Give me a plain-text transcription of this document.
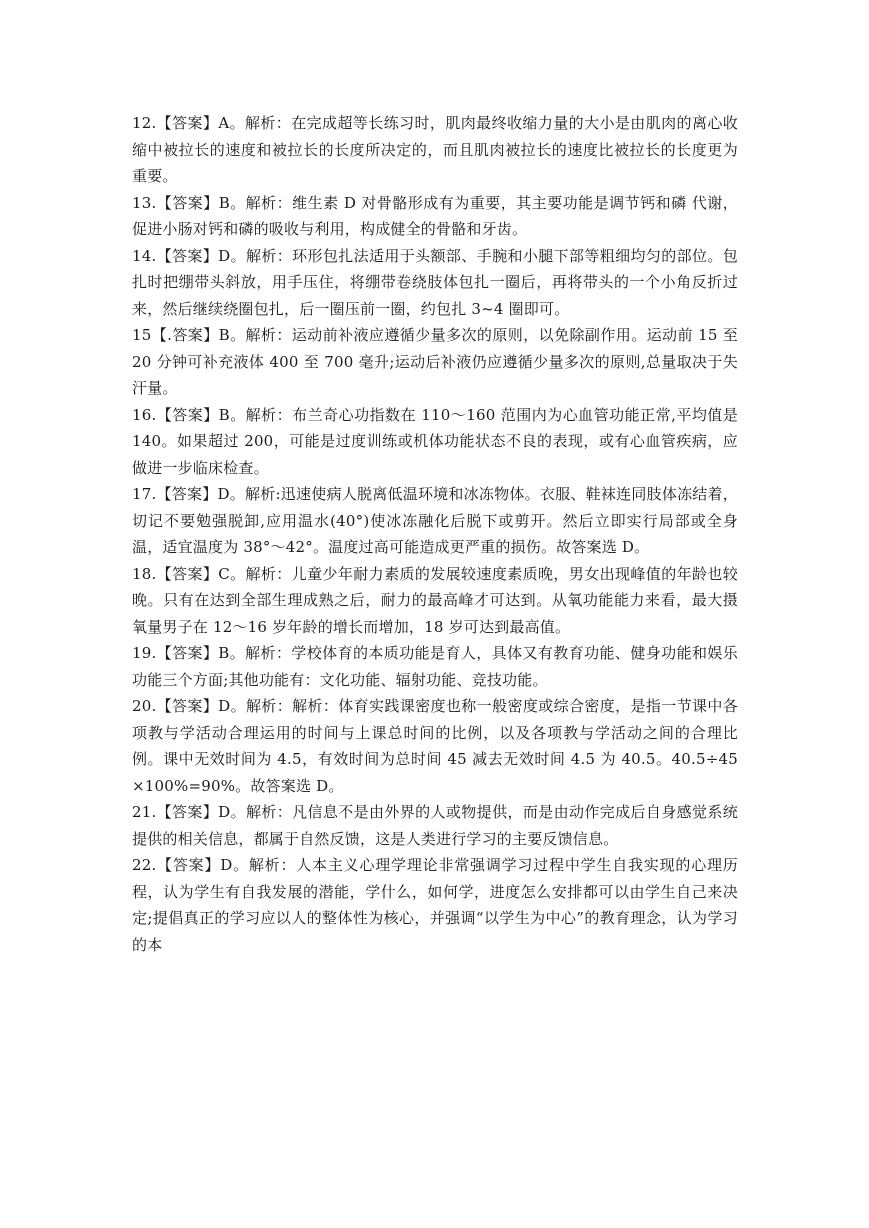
12.【答案】A。解析：在完成超等长练习时，肌肉最终收缩力量的大小是由肌肉的离心收缩中被拉长的速度和被拉长的长度所决定的，而且肌肉被拉长的速度比被拉长的长度更为重要。

13.【答案】B。解析：维生素 D 对骨骼形成有为重要，其主要功能是调节钙和磷 代谢，促进小肠对钙和磷的吸收与利用，构成健全的骨骼和牙齿。

14.【答案】D。解析：环形包扎法适用于头额部、手腕和小腿下部等粗细均匀的部位。包扎时把绷带头斜放，用手压住，将绷带卷绕肢体包扎一圈后，再将带头的一个小角反折过来，然后继续绕圈包扎，后一圈压前一圈，约包扎 3~4 圈即可。

15【.答案】B。解析：运动前补液应遵循少量多次的原则，以免除副作用。运动前 15 至 20 分钟可补充液体 400 至 700 毫升;运动后补液仍应遵循少量多次的原则,总量取决于失汗量。

16.【答案】B。解析：布兰奇心功指数在 110～160 范围内为心血管功能正常,平均值是 140。如果超过 200，可能是过度训练或机体功能状态不良的表现，或有心血管疾病，应做进一步临床检查。

17.【答案】D。解析:迅速使病人脱离低温环境和冰冻物体。衣服、鞋袜连同肢体冻结着，切记不要勉强脱卸,应用温水(40°)使冰冻融化后脱下或剪开。然后立即实行局部或全身温，适宜温度为 38°～42°。温度过高可能造成更严重的损伤。故答案选 D。

18.【答案】C。解析：儿童少年耐力素质的发展较速度素质晚，男女出现峰值的年龄也较晚。只有在达到全部生理成熟之后，耐力的最高峰才可达到。从氧功能能力来看，最大摄氧量男子在 12～16 岁年龄的增长而增加，18 岁可达到最高值。

19.【答案】B。解析：学校体育的本质功能是育人，具体又有教育功能、健身功能和娱乐功能三个方面;其他功能有：文化功能、辐射功能、竞技功能。

20.【答案】D。解析：解析：体育实践课密度也称一般密度或综合密度，是指一节课中各项教与学活动合理运用的时间与上课总时间的比例，以及各项教与学活动之间的合理比例。课中无效时间为 4.5，有效时间为总时间 45 减去无效时间 4.5 为 40.5。40.5÷45×100%=90%。故答案选 D。

21.【答案】D。解析：凡信息不是由外界的人或物提供，而是由动作完成后自身感觉系统提供的相关信息，都属于自然反馈，这是人类进行学习的主要反馈信息。

22.【答案】D。解析：人本主义心理学理论非常强调学习过程中学生自我实现的心理历程，认为学生有自我发展的潜能，学什么，如何学，进度怎么安排都可以由学生自己来决定;提倡真正的学习应以人的整体性为核心，并强调“以学生为中心”的教育理念，认为学习的本
